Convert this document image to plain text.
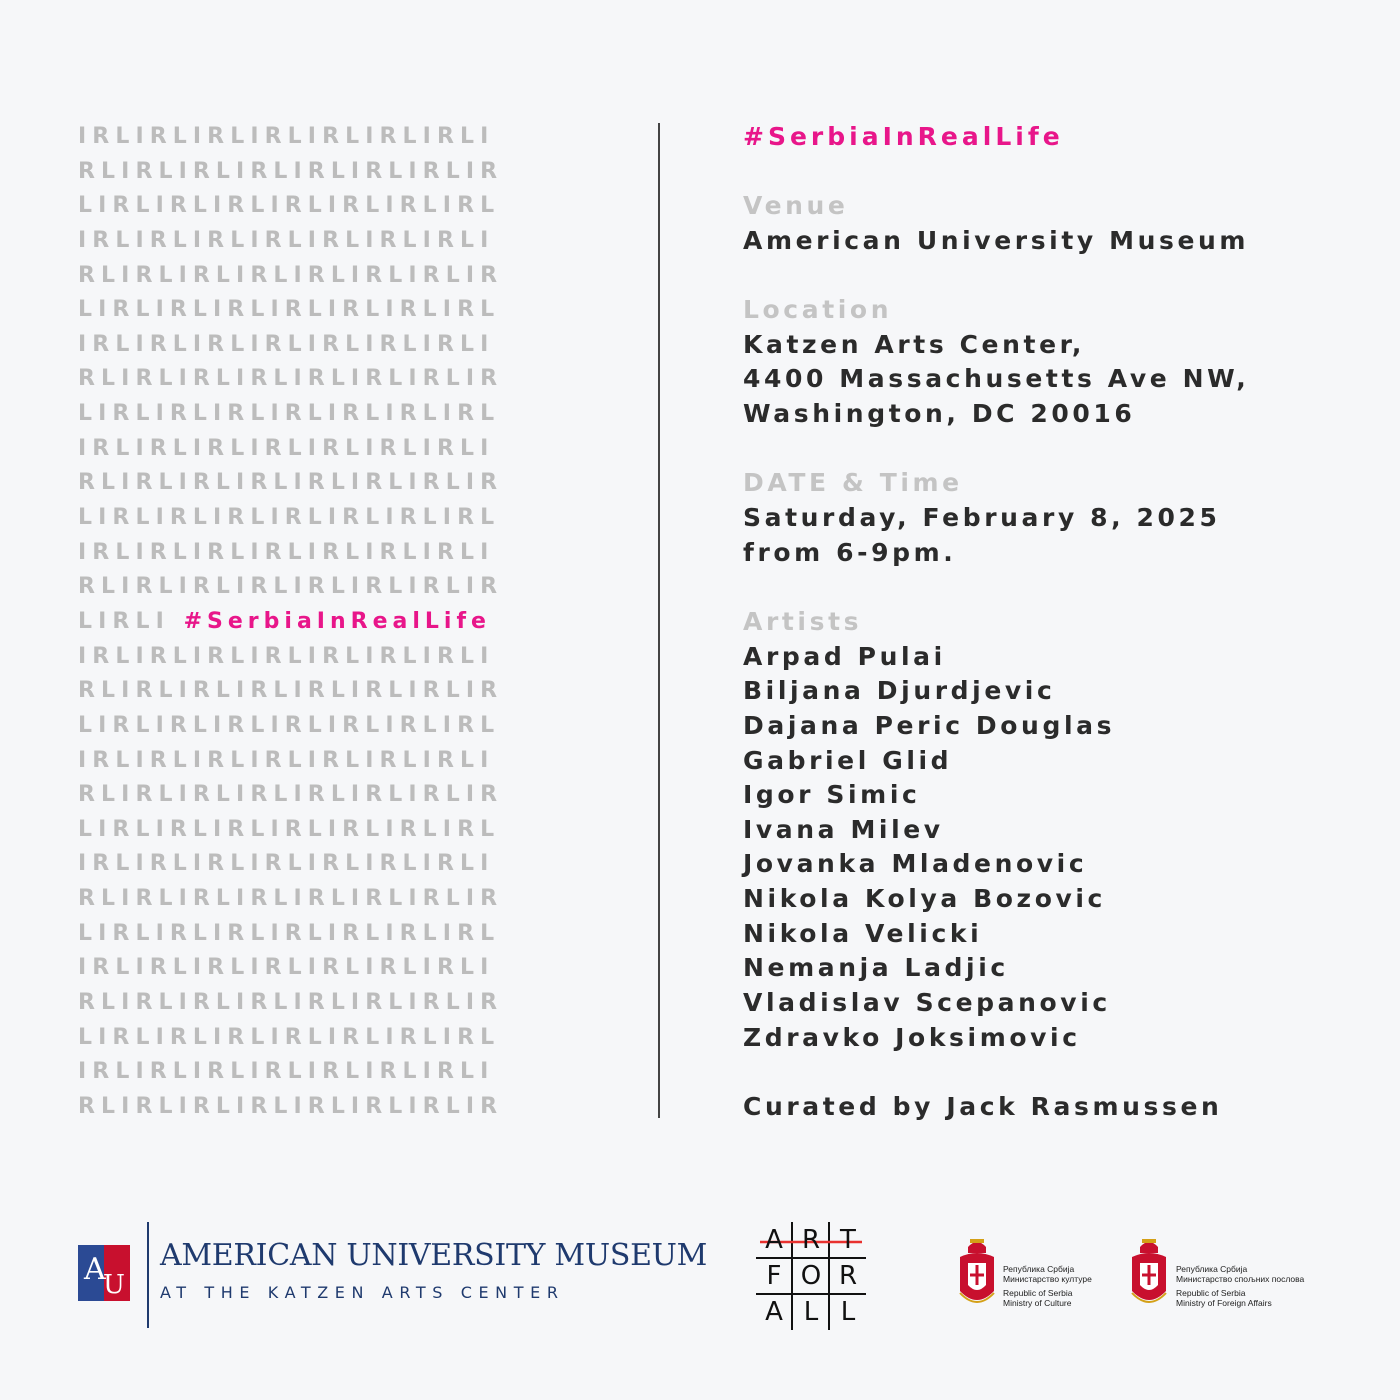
IRLIRLIRLIRLIRLIRLIRLI
RLIRLIRLIRLIRLIRLIRLIR
LIRLIRLIRLIRLIRLIRLIRL
IRLIRLIRLIRLIRLIRLIRLI
RLIRLIRLIRLIRLIRLIRLIR
LIRLIRLIRLIRLIRLIRLIRL
IRLIRLIRLIRLIRLIRLIRLI
RLIRLIRLIRLIRLIRLIRLIR
LIRLIRLIRLIRLIRLIRLIRL
IRLIRLIRLIRLIRLIRLIRLI
RLIRLIRLIRLIRLIRLIRLIR
LIRLIRLIRLIRLIRLIRLIRL
IRLIRLIRLIRLIRLIRLIRLI
RLIRLIRLIRLIRLIRLIRLIR
LIRLI #SerbiaInRealLife
IRLIRLIRLIRLIRLIRLIRLI
RLIRLIRLIRLIRLIRLIRLIR
LIRLIRLIRLIRLIRLIRLIRL
IRLIRLIRLIRLIRLIRLIRLI
RLIRLIRLIRLIRLIRLIRLIR
LIRLIRLIRLIRLIRLIRLIRL
IRLIRLIRLIRLIRLIRLIRLI
RLIRLIRLIRLIRLIRLIRLIR
LIRLIRLIRLIRLIRLIRLIRL
IRLIRLIRLIRLIRLIRLIRLI
RLIRLIRLIRLIRLIRLIRLIR
LIRLIRLIRLIRLIRLIRLIRL
IRLIRLIRLIRLIRLIRLIRLI
RLIRLIRLIRLIRLIRLIRLIR
#SerbiaInRealLife
Venue
American University Museum
Location
Katzen Arts Center,
4400 Massachusetts Ave NW,
Washington, DC 20016
DATE & Time
Saturday, February 8, 2025
from 6-9pm.
Artists
Arpad Pulai
Biljana Djurdjevic
Dajana Peric Douglas
Gabriel Glid
Igor Simic
Ivana Milev
Jovanka Mladenovic
Nikola Kolya Bozovic
Nikola Velicki
Nemanja Ladjic
Vladislav Scepanovic
Zdravko Joksimovic
Curated by Jack Rasmussen
A
U
AMERICAN UNIVERSITY MUSEUM
AT THE KATZEN ARTS CENTER
A R T
F O R
A L L
Република Србија
Министарство културе
Republic of Serbia
Ministry of Culture
Република Србија
Министарство спољних послова
Republic of Serbia
Ministry of Foreign Affairs
